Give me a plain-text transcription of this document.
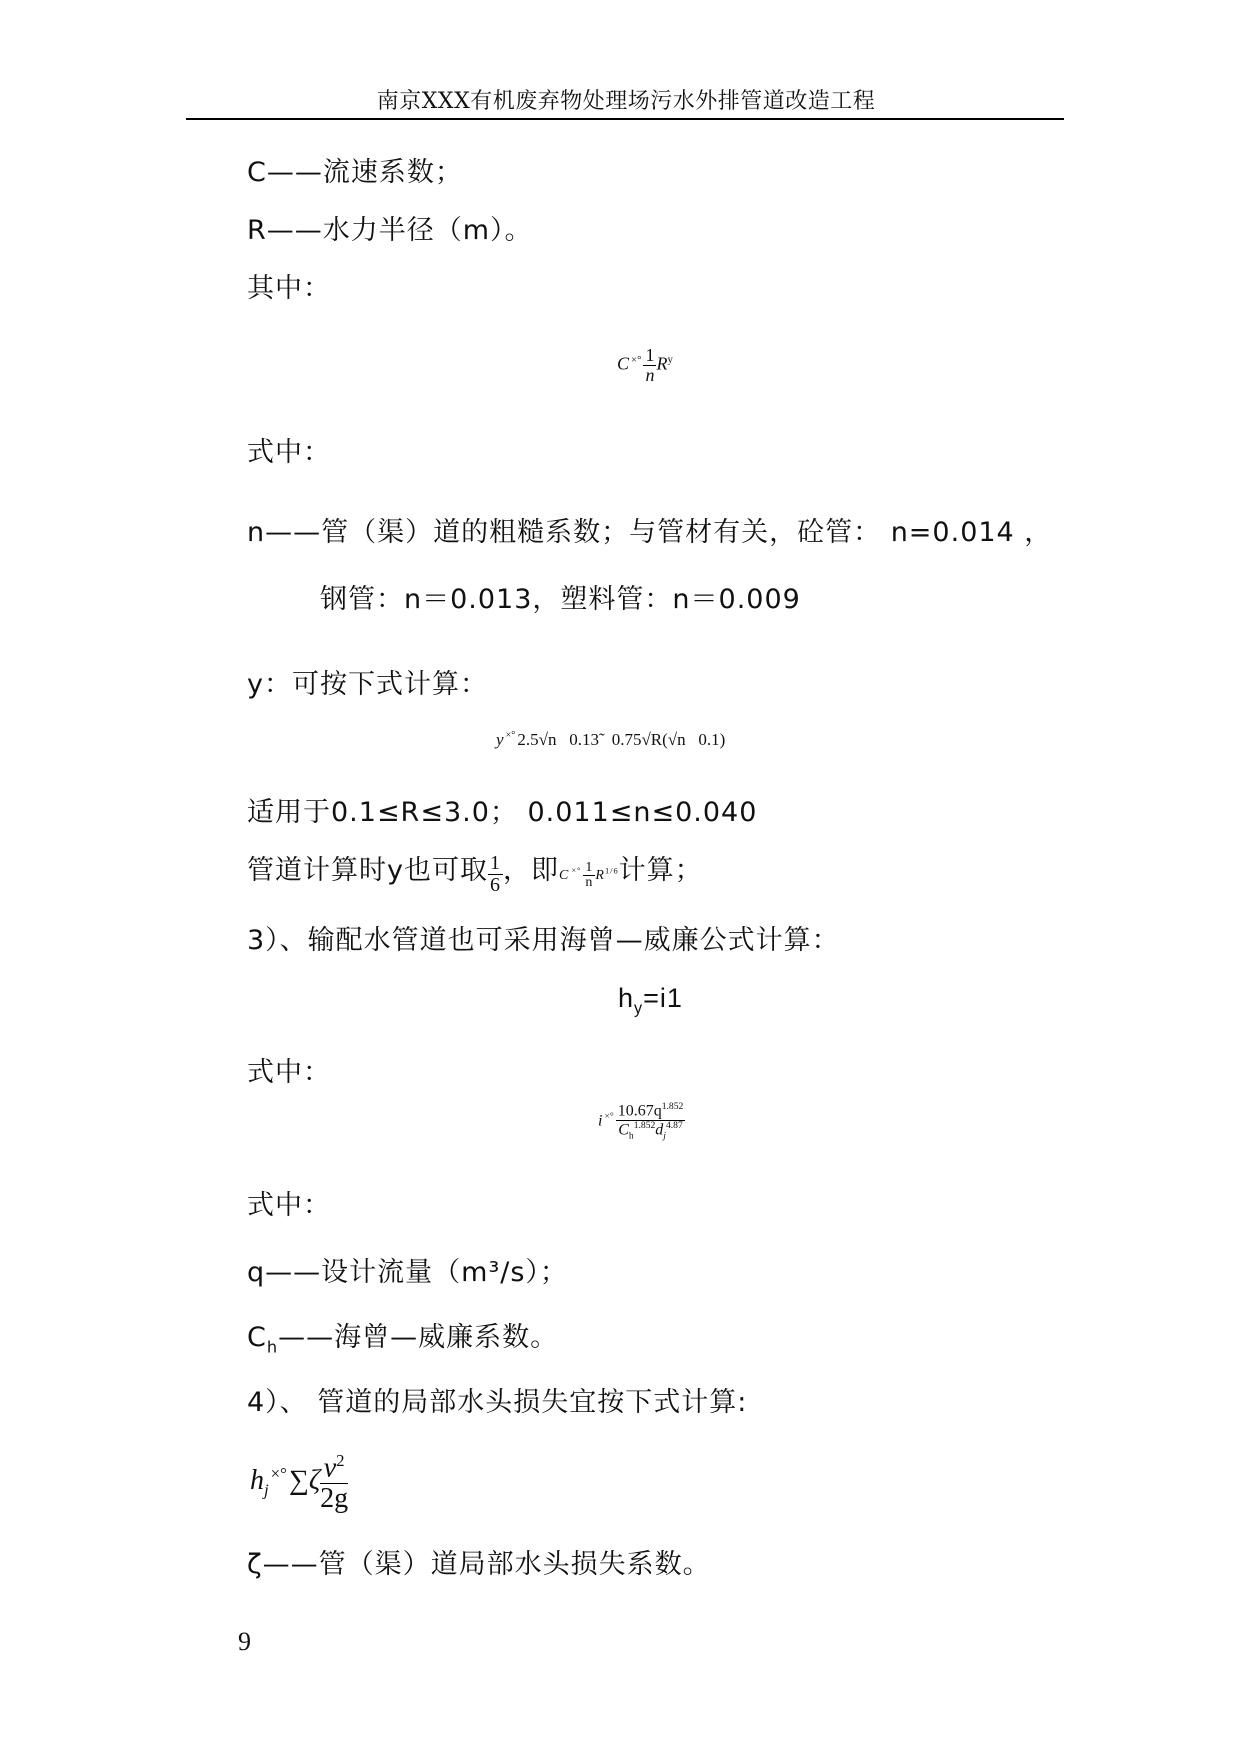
南京XXX有机废弃物处理场污水外排管道改造工程
C——流速系数；
R——水力半径（m）。
其中：
C $^{\times^\circ} \frac{1}{n} R^y$
式中：
n——管（渠）道的粗糙系数；与管材有关，砼管： n=0.014 ，
钢管：n＝0.013，塑料管：n＝0.009
y：可按下式计算：
y ×° 2.5√n   0.13̃   0.75√R(√n   0.1)
适用于0.1≤R≤3.0； 0.011≤n≤0.040
管道计算时y也可取 $\frac{1}{6}$ ，即C $^{\times^\circ} \frac{1}{n} R^{1/6}$计算；
3）、输配水管道也可采用海曾—威廉公式计算：
$h_y=i1$
式中：
i $^{\times^\circ} \frac{10.67q^{1.852}}{C_h^{1.852}d_j^{4.87}}$
式中：
q——设计流量（m³/s）；
$C_h——$海曾—威廉系数。
4）、 管道的局部水头损失宜按下式计算:
$h_j^{\times^\circ}\sum\zeta \frac{v^2}{2g}$
ζ——管（渠）道局部水头损失系数。
9
